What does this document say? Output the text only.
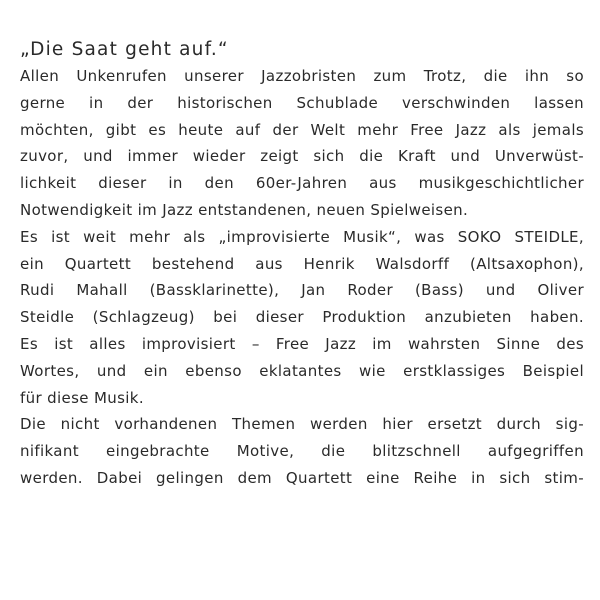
„Die Saat geht auf.“
Allen Unkenrufen unserer Jazzobristen zum Trotz, die ihn so
gerne in der historischen Schublade verschwinden lassen
möchten, gibt es heute auf der Welt mehr Free Jazz als jemals
zuvor, und immer wieder zeigt sich die Kraft und Unverwüst-
lichkeit dieser in den 60er-Jahren aus musikgeschichtlicher
Notwendigkeit im Jazz entstandenen, neuen Spielweisen.
Es ist weit mehr als „improvisierte Musik“, was SOKO STEIDLE,
ein Quartett bestehend aus Henrik Walsdorff (Altsaxophon),
Rudi Mahall (Bassklarinette), Jan Roder (Bass) und Oliver
Steidle (Schlagzeug) bei dieser Produktion anzubieten haben.
Es ist alles improvisiert – Free Jazz im wahrsten Sinne des
Wortes, und ein ebenso eklatantes wie erstklassiges Beispiel
für diese Musik.
Die nicht vorhandenen Themen werden hier ersetzt durch sig-
nifikant eingebrachte Motive, die blitzschnell aufgegriffen
werden. Dabei gelingen dem Quartett eine Reihe in sich stim-
